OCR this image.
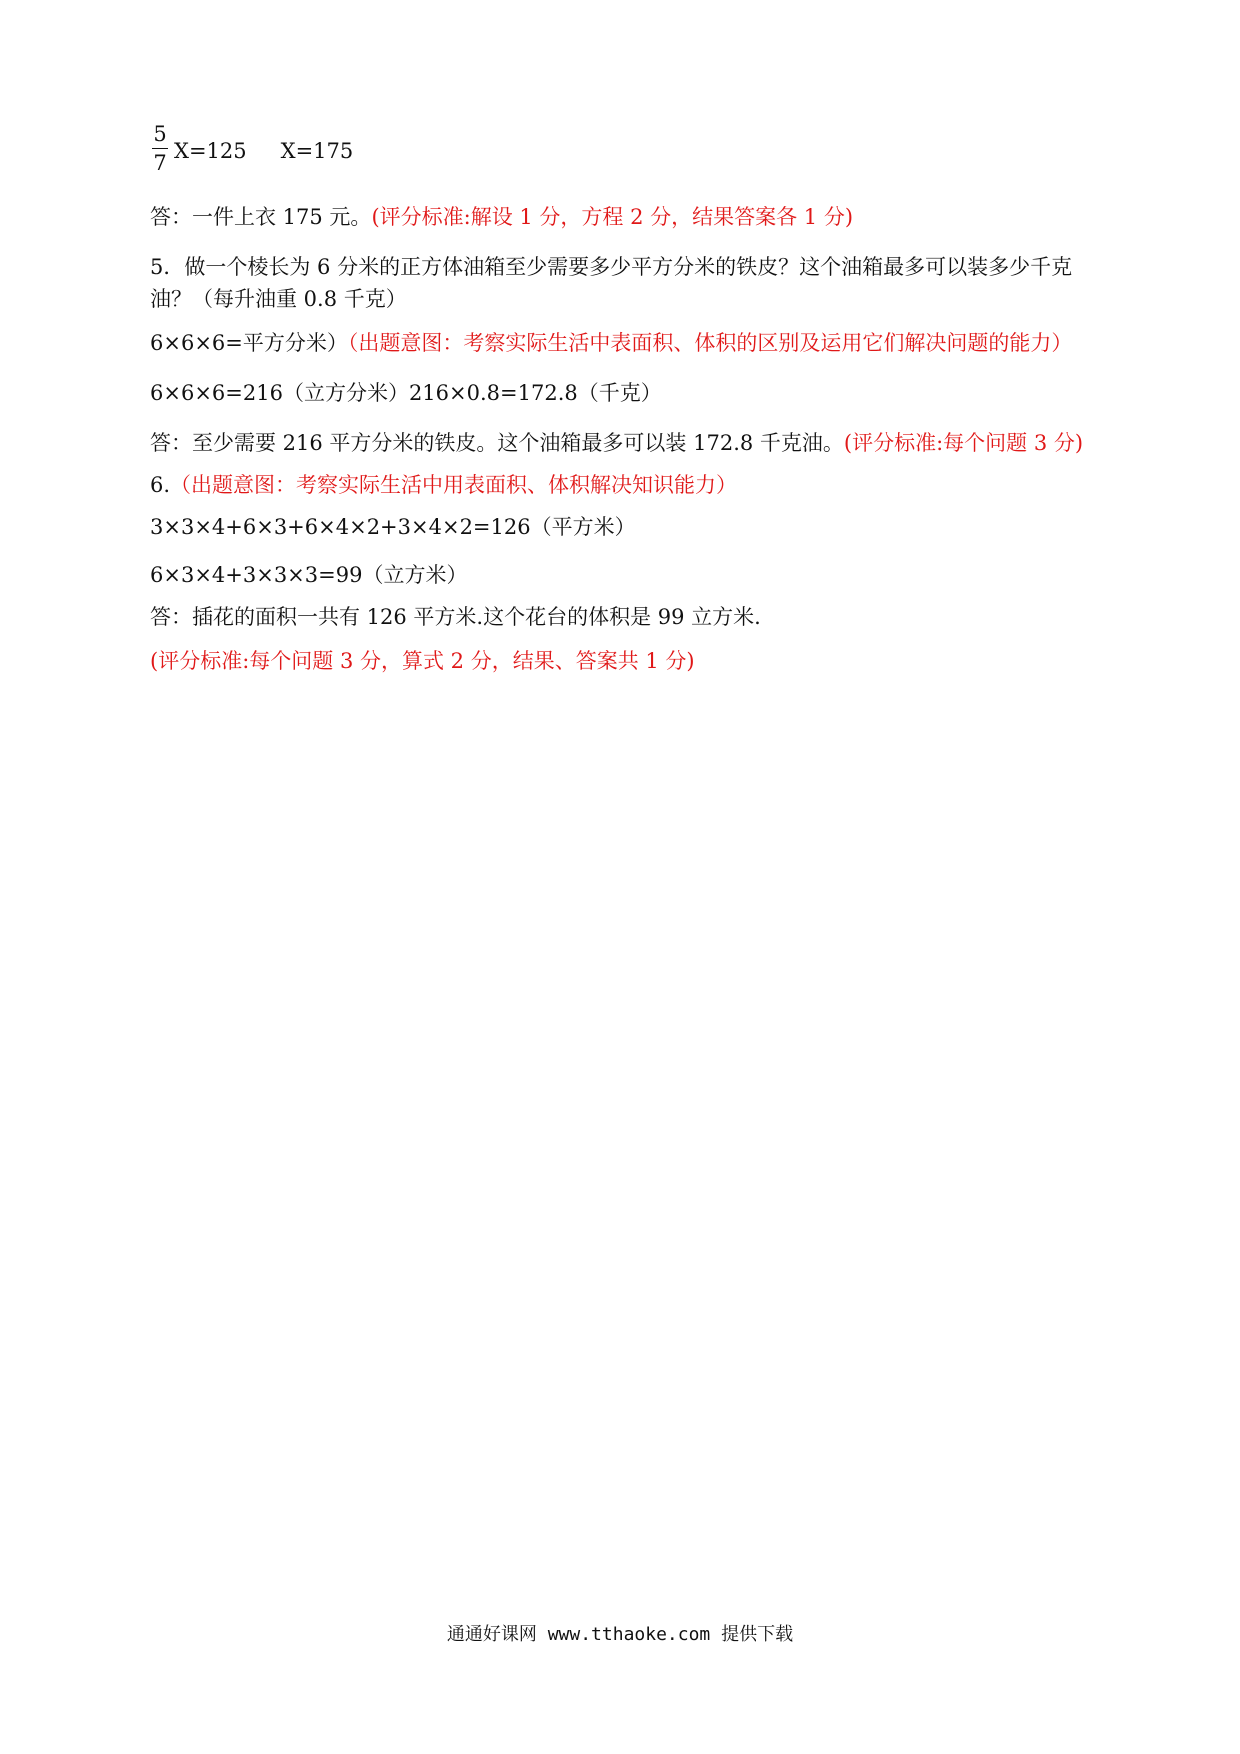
5
7 X=125 X=175
答：一件上衣 175 元。(评分标准:解设 1 分，方程 2 分，结果答案各 1 分)
5．做一个棱长为 6 分米的正方体油箱至少需要多少平方分米的铁皮？这个油箱最多可以装多少千克
油？（每升油重 0.8 千克）
6×6×6=平方分米）（出题意图：考察实际生活中表面积、体积的区别及运用它们解决问题的能力）
6×6×6=216（立方分米）216×0.8=172.8（千克）
答：至少需要 216 平方分米的铁皮。这个油箱最多可以装 172.8 千克油。(评分标准:每个问题 3 分)
6.（出题意图：考察实际生活中用表面积、体积解决知识能力）
3×3×4+6×3+6×4×2+3×4×2=126（平方米）
6×3×4+3×3×3=99（立方米）
答：插花的面积一共有 126 平方米.这个花台的体积是 99 立方米.
(评分标准:每个问题 3 分，算式 2 分，结果、答案共 1 分)
通通好课网 www.tthaoke.com 提供下载
